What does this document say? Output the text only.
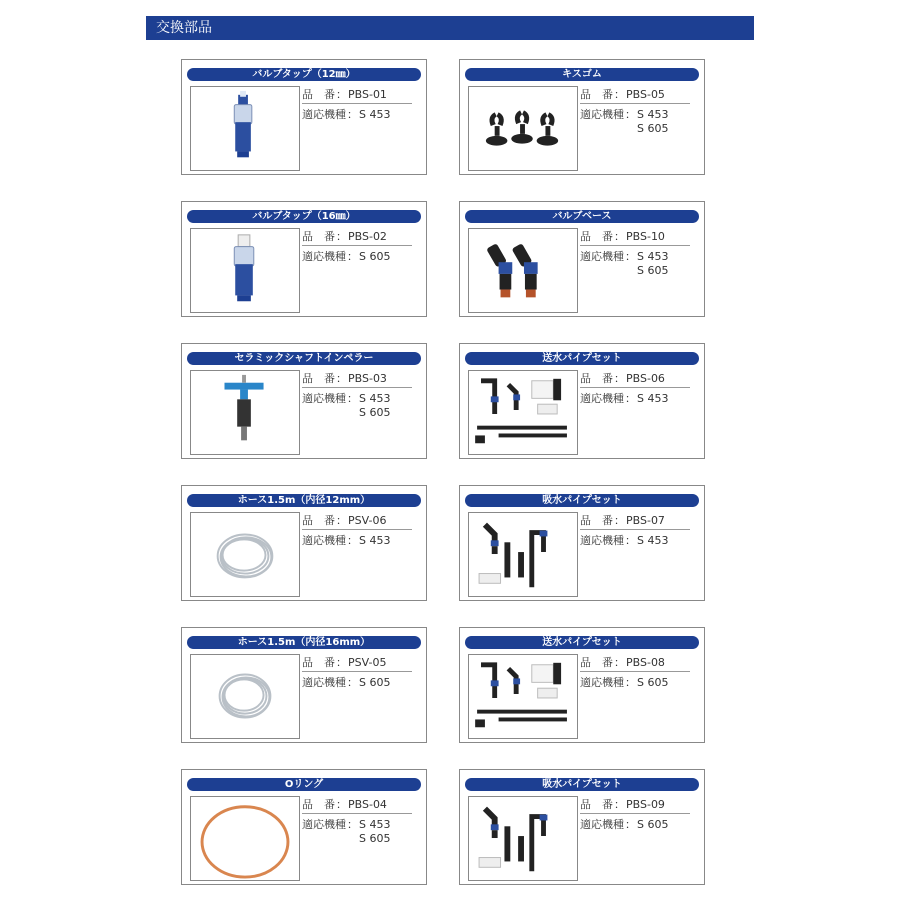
交換部品
バルブタップ（12㎜）
品　番：PBS-01
適応機種： S 453
キスゴム
品　番：PBS-05
適応機種： S 453
S 605
バルブタップ（16㎜）
品　番：PBS-02
適応機種： S 605
バルブベース
品　番：PBS-10
適応機種： S 453
S 605
セラミックシャフトインペラー
品　番：PBS-03
適応機種： S 453
S 605
送水パイプセット
品　番：PBS-06
適応機種： S 453
ホース1.5m（内径12mm）
品　番：PSV-06
適応機種： S 453
吸水パイプセット
品　番：PBS-07
適応機種： S 453
ホース1.5m（内径16mm）
品　番：PSV-05
適応機種： S 605
送水パイプセット
品　番：PBS-08
適応機種： S 605
Oリング
品　番：PBS-04
適応機種： S 453
S 605
吸水パイプセット
品　番：PBS-09
適応機種： S 605
